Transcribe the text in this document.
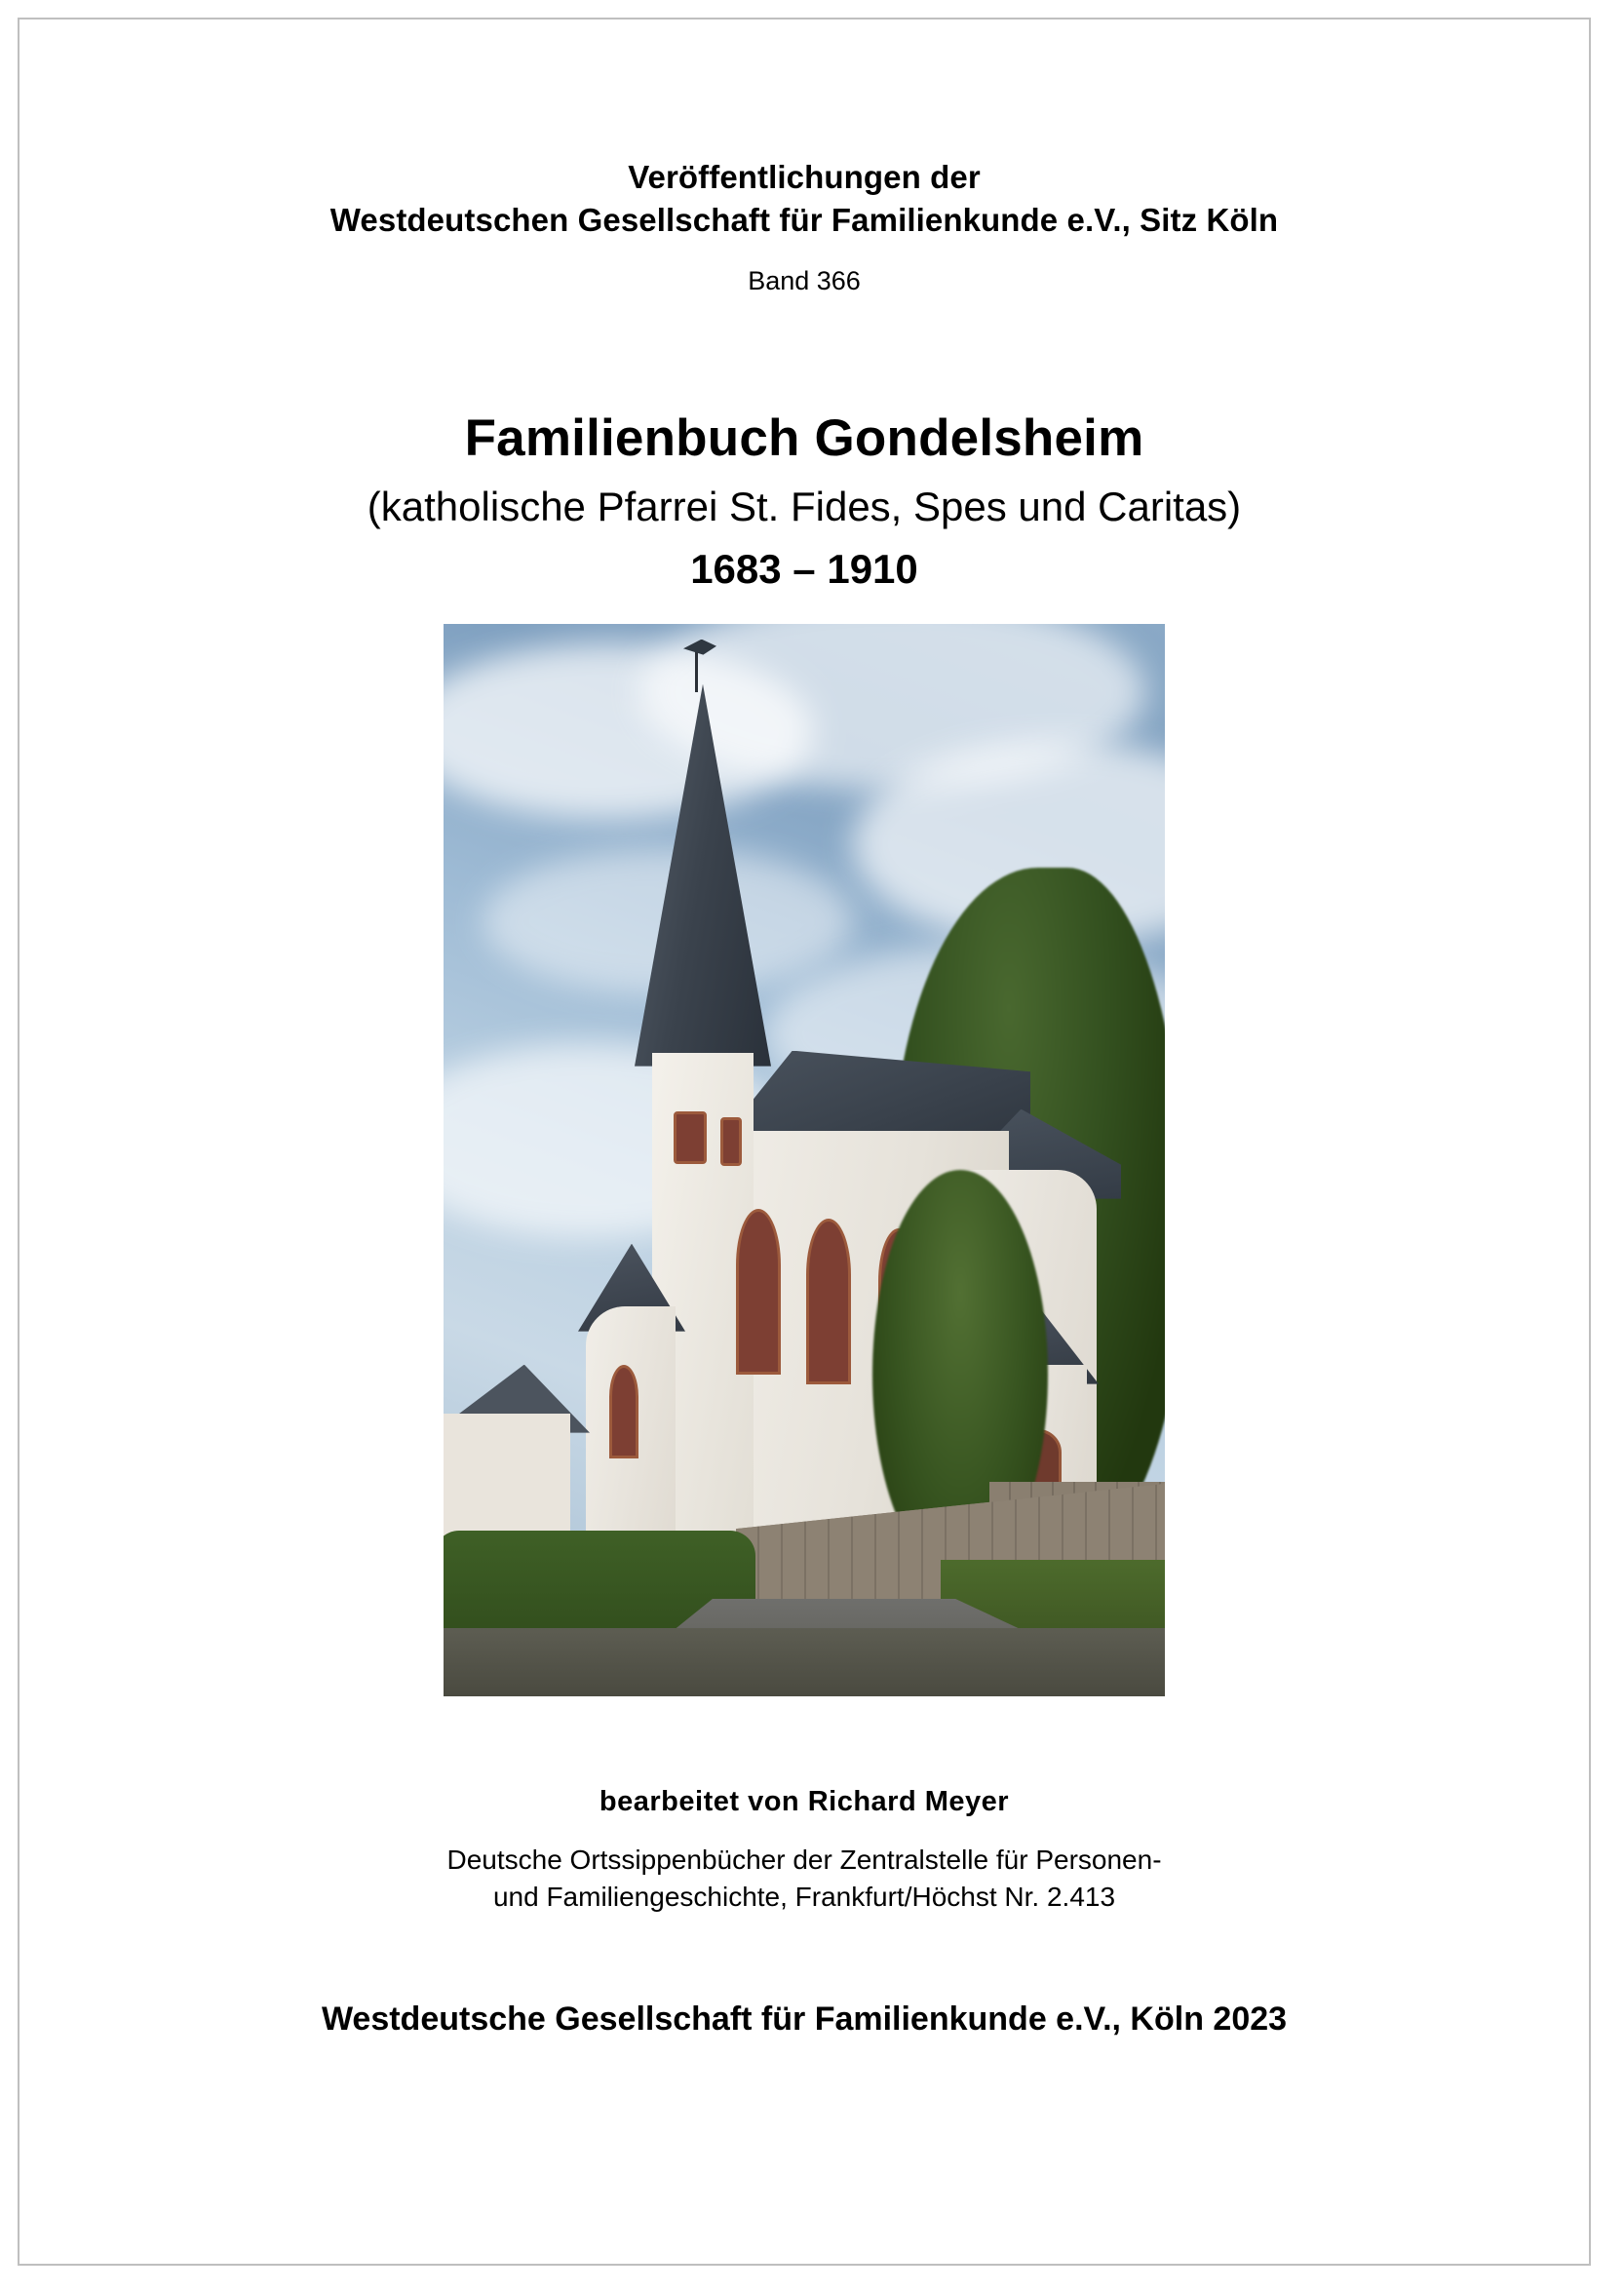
Veröffentlichungen der
Westdeutschen Gesellschaft für Familienkunde e.V., Sitz Köln
Band 366
Familienbuch Gondelsheim
(katholische Pfarrei St. Fides, Spes und Caritas)
1683 – 1910
bearbeitet von Richard Meyer
Deutsche Ortssippenbücher der Zentralstelle für Personen-
und Familiengeschichte, Frankfurt/Höchst Nr. 2.413
Westdeutsche Gesellschaft für Familienkunde e.V., Köln 2023
